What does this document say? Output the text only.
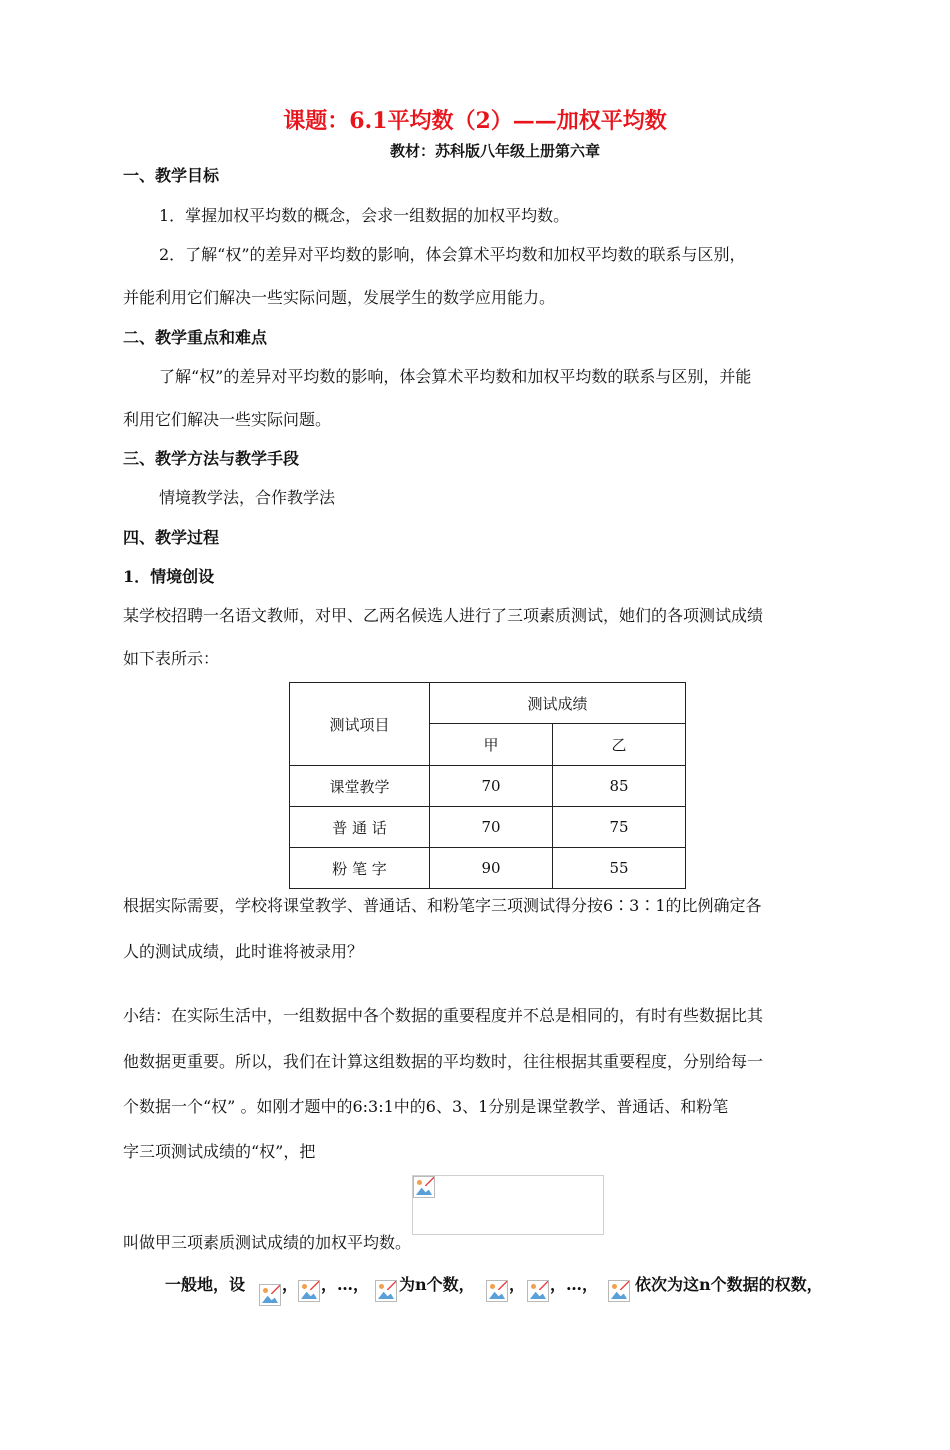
课题：6.1平均数（2）——加权平均数
教材：苏科版八年级上册第六章
一、教学目标
1．掌握加权平均数的概念，会求一组数据的加权平均数。
2．了解“权”的差异对平均数的影响，体会算术平均数和加权平均数的联系与区别，
并能利用它们解决一些实际问题，发展学生的数学应用能力。
二、教学重点和难点
了解“权”的差异对平均数的影响，体会算术平均数和加权平均数的联系与区别，并能
利用它们解决一些实际问题。
三、教学方法与教学手段
情境教学法，合作教学法
四、教学过程
1．情境创设
某学校招聘一名语文教师，对甲、乙两名候选人进行了三项素质测试，她们的各项测试成绩
如下表所示：
测试项目	测试成绩	
	甲	乙
课堂教学	70	85
普 通 话	70	75
粉 笔 字	90	55
根据实际需要，学校将课堂教学、普通话、和粉笔字三项测试得分按6∶3∶1的比例确定各
人的测试成绩，此时谁将被录用？
小结：在实际生活中，一组数据中各个数据的重要程度并不总是相同的，有时有些数据比其
他数据更重要。所以，我们在计算这组数据的平均数时，往往根据其重要程度，分别给每一
个数据一个“权” 。如刚才题中的6:3:1中的6、3、1分别是课堂教学、普通话、和粉笔
字三项测试成绩的“权”，把
叫做甲三项素质测试成绩的加权平均数。
一般地，设 ， ，…， 为n个数， ， ，…， 依次为这n个数据的权数，
